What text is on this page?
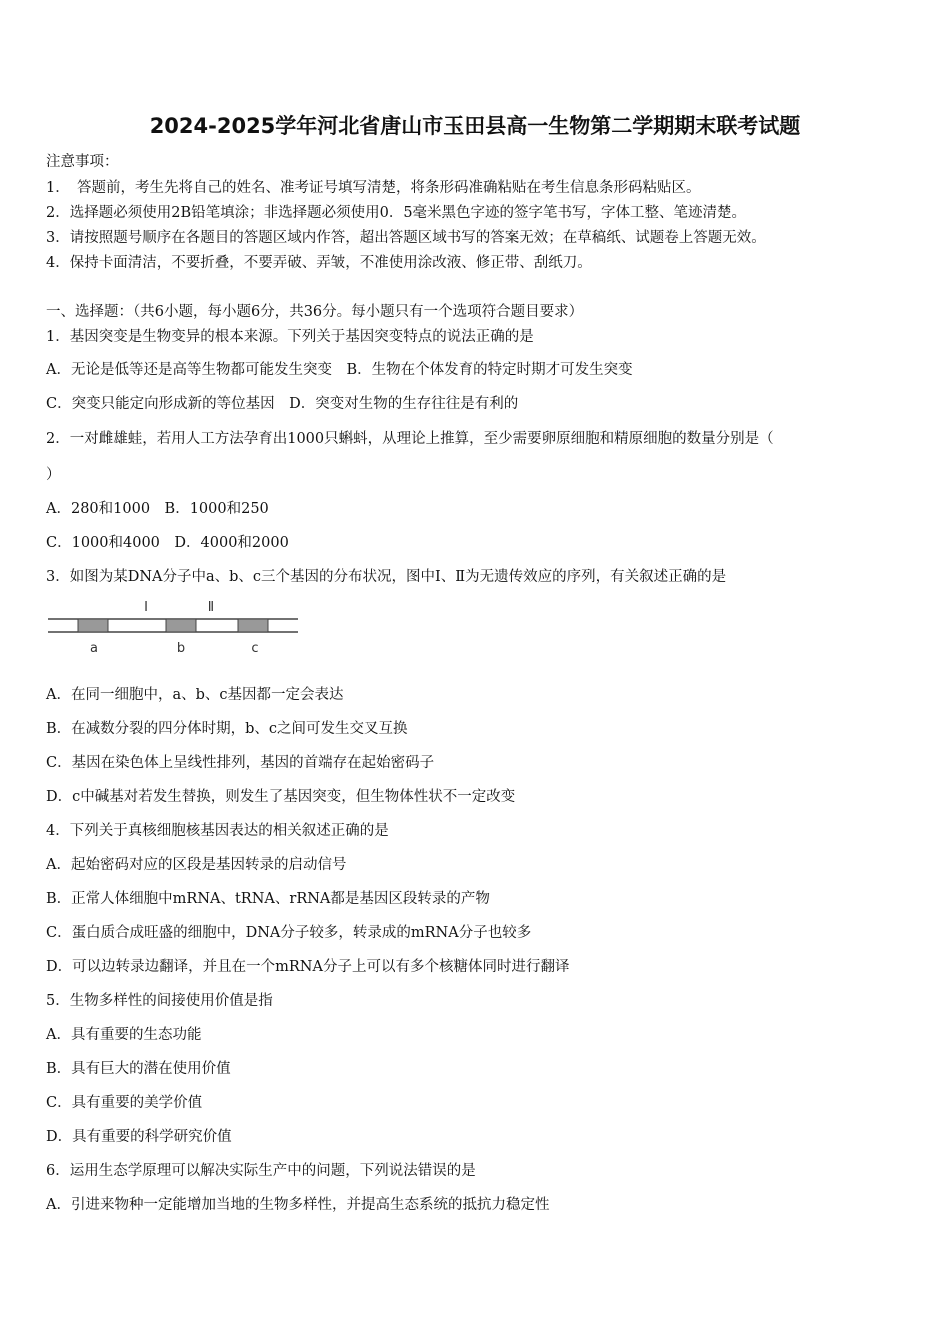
2024-2025学年河北省唐山市玉田县高一生物第二学期期末联考试题
注意事项：
1．　答题前，考生先将自己的姓名、准考证号填写清楚，将条形码准确粘贴在考生信息条形码粘贴区。
2．选择题必须使用2B铅笔填涂；非选择题必须使用0．5毫米黑色字迹的签字笔书写，字体工整、笔迹清楚。
3．请按照题号顺序在各题目的答题区域内作答，超出答题区域书写的答案无效；在草稿纸、试题卷上答题无效。
4．保持卡面清洁，不要折叠，不要弄破、弄皱，不准使用涂改液、修正带、刮纸刀。
一、选择题：（共6小题，每小题6分，共36分。每小题只有一个选项符合题目要求）
1．基因突变是生物变异的根本来源。下列关于基因突变特点的说法正确的是
A．无论是低等还是高等生物都可能发生突变　B．生物在个体发育的特定时期才可发生突变
C．突变只能定向形成新的等位基因　D．突变对生物的生存往往是有利的
2．一对雌雄蛙，若用人工方法孕育出1000只蝌蚪，从理论上推算，至少需要卵原细胞和精原细胞的数量分别是（
）
A．280和1000　B．1000和250
C．1000和4000　D．4000和2000
3．如图为某DNA分子中a、b、c三个基因的分布状况，图中Ⅰ、Ⅱ为无遗传效应的序列，有关叙述正确的是
Ⅰ	Ⅱ
a	b	c
A．在同一细胞中，a、b、c基因都一定会表达
B．在减数分裂的四分体时期，b、c之间可发生交叉互换
C．基因在染色体上呈线性排列，基因的首端存在起始密码子
D．c中碱基对若发生替换，则发生了基因突变，但生物体性状不一定改变
4．下列关于真核细胞核基因表达的相关叙述正确的是
A．起始密码对应的区段是基因转录的启动信号
B．正常人体细胞中mRNA、tRNA、rRNA都是基因区段转录的产物
C．蛋白质合成旺盛的细胞中，DNA分子较多，转录成的mRNA分子也较多
D．可以边转录边翻译，并且在一个mRNA分子上可以有多个核糖体同时进行翻译
5．生物多样性的间接使用价值是指
A．具有重要的生态功能
B．具有巨大的潜在使用价值
C．具有重要的美学价值
D．具有重要的科学研究价值
6．运用生态学原理可以解决实际生产中的问题，下列说法错误的是
A．引进来物种一定能增加当地的生物多样性，并提高生态系统的抵抗力稳定性
